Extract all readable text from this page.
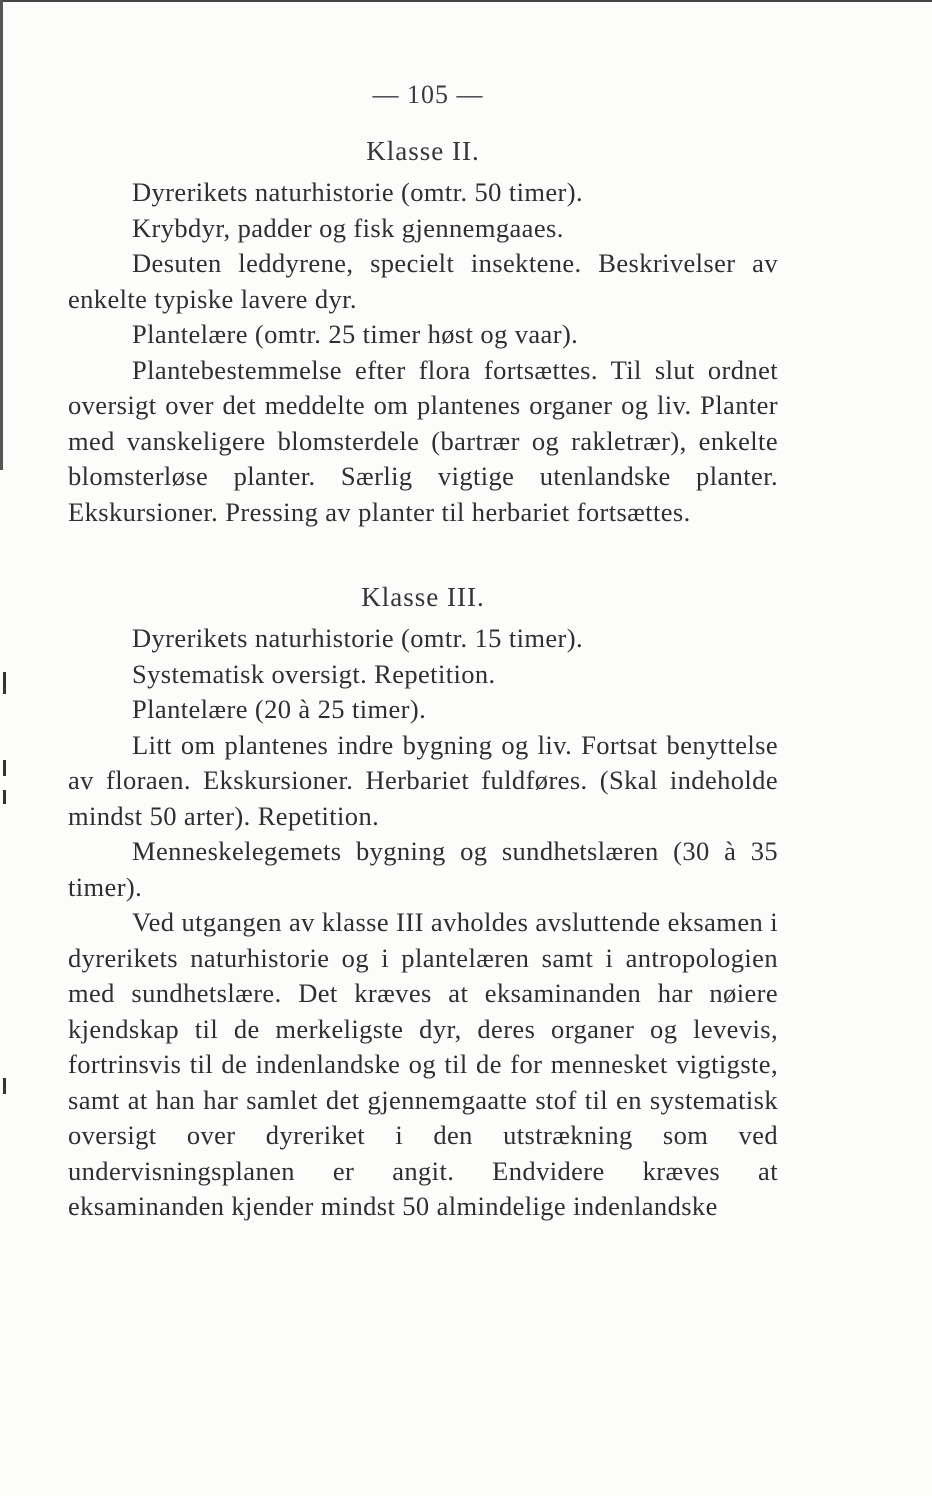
— 105 —
Klasse II.

Dyrerikets naturhistorie (omtr. 50 timer).

Krybdyr, padder og fisk gjennemgaaes.

Desuten leddyrene, specielt insektene. Beskrivelser av enkelte typiske lavere dyr.

Plantelære (omtr. 25 timer høst og vaar).

Plantebestemmelse efter flora fortsættes. Til slut ordnet oversigt over det meddelte om plantenes organer og liv. Planter med vanskeligere blomsterdele (bartrær og rakletrær), enkelte blomsterløse planter. Særlig vigtige utenlandske planter. Ekskursioner. Pressing av planter til herbariet fortsættes.

Klasse III.

Dyrerikets naturhistorie (omtr. 15 timer).

Systematisk oversigt. Repetition.

Plantelære (20 à 25 timer).

Litt om plantenes indre bygning og liv. Fortsat benyttelse av floraen. Ekskursioner. Herbariet fuldføres. (Skal indeholde mindst 50 arter). Repetition.

Menneskelegemets bygning og sundhetslæren (30 à 35 timer).

Ved utgangen av klasse III avholdes avsluttende eksamen i dyrerikets naturhistorie og i plantelæren samt i antropologien med sundhetslære. Det kræves at eksaminanden har nøiere kjendskap til de merkeligste dyr, deres organer og levevis, fortrinsvis til de indenlandske og til de for mennesket vigtigste, samt at han har samlet det gjennemgaatte stof til en systematisk oversigt over dyreriket i den utstrækning som ved undervisningsplanen er angit. Endvidere kræves at eksaminanden kjender mindst 50 almindelige indenlandske
